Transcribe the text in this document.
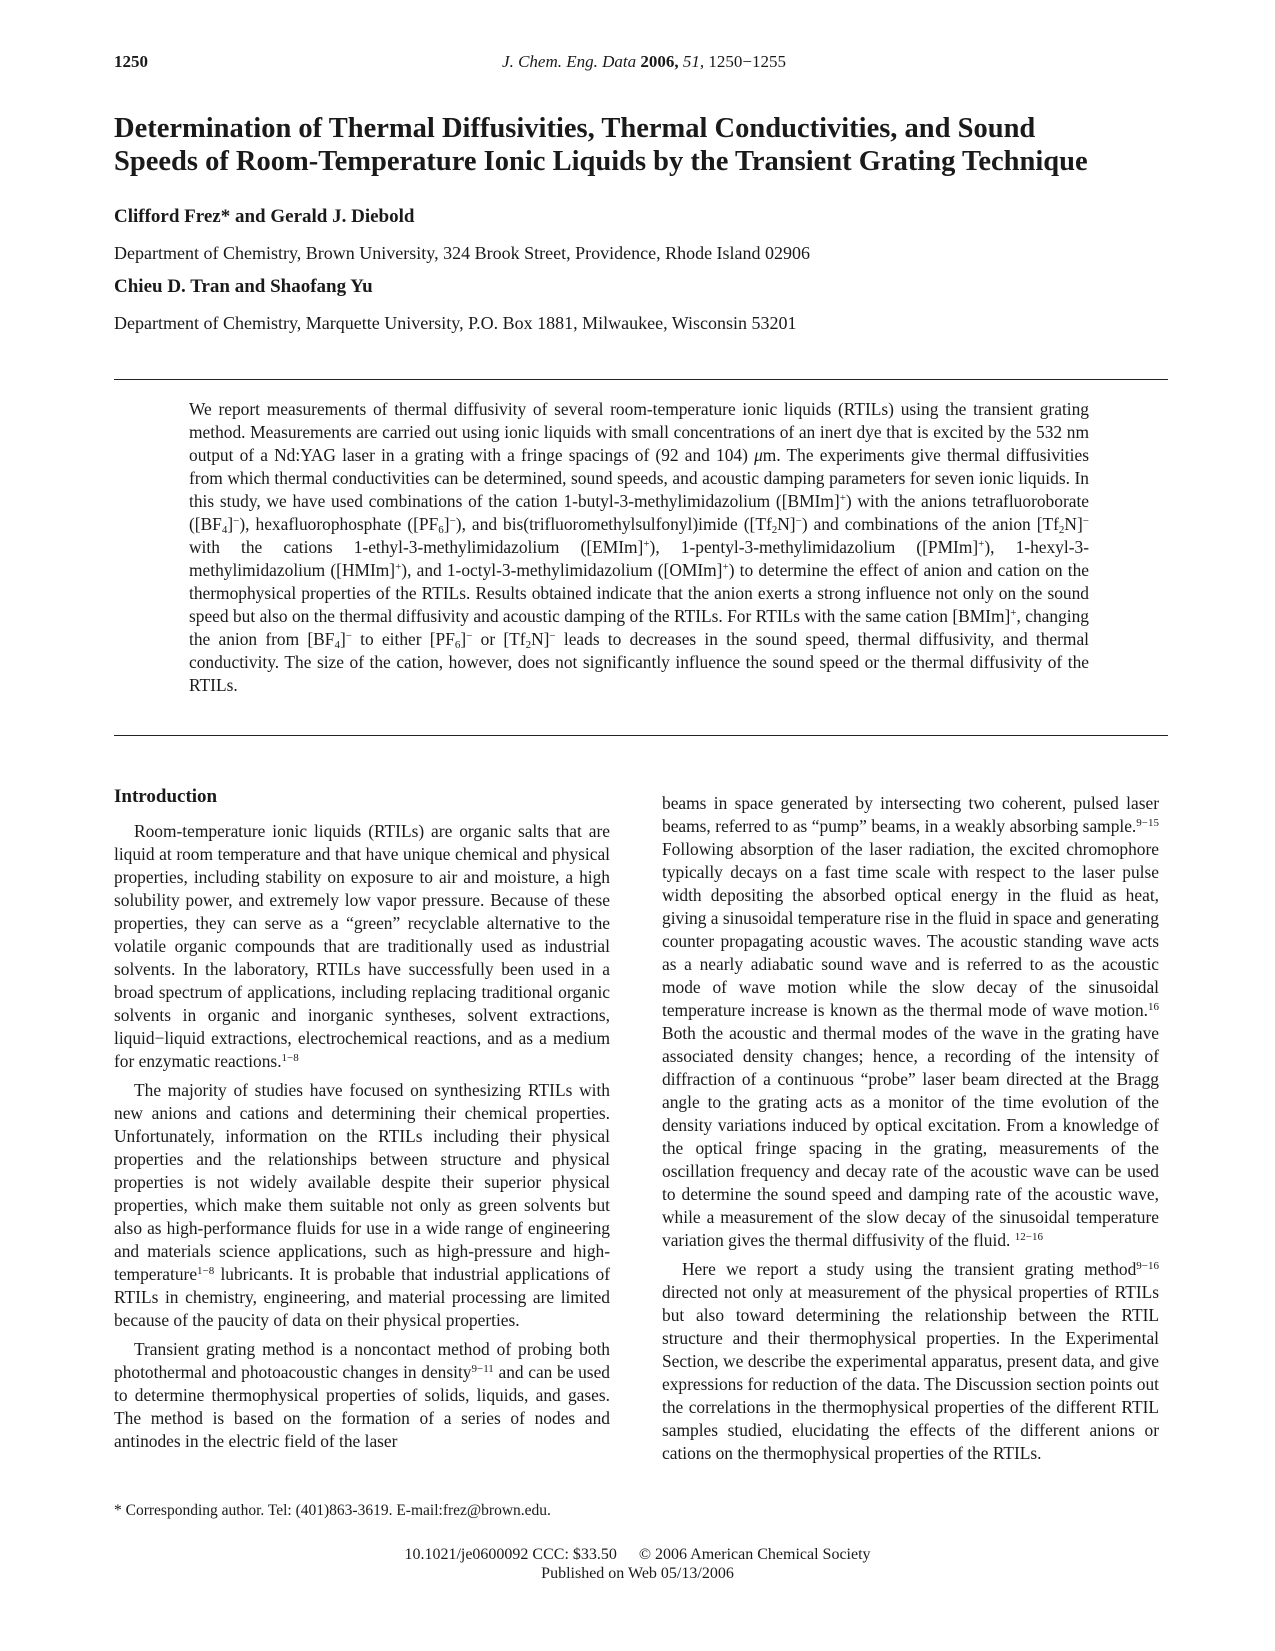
1250	J. Chem. Eng. Data 2006, 51, 1250−1255
Determination of Thermal Diffusivities, Thermal Conductivities, and Sound
Speeds of Room-Temperature Ionic Liquids by the Transient Grating Technique
Clifford Frez* and Gerald J. Diebold
Department of Chemistry, Brown University, 324 Brook Street, Providence, Rhode Island 02906
Chieu D. Tran and Shaofang Yu
Department of Chemistry, Marquette University, P.O. Box 1881, Milwaukee, Wisconsin 53201
We report measurements of thermal diffusivity of several room-temperature ionic liquids (RTILs) using the transient grating method. Measurements are carried out using ionic liquids with small concentrations of an inert dye that is excited by the 532 nm output of a Nd:YAG laser in a grating with a fringe spacings of (92 and 104) μm. The experiments give thermal diffusivities from which thermal conductivities can be determined, sound speeds, and acoustic damping parameters for seven ionic liquids. In this study, we have used combinations of the cation 1-butyl-3-methylimidazolium ([BMIm]+) with the anions tetrafluoroborate $([BF_4]^-)$, hexafluorophosphate $([PF_6]^-)$, and bis(trifluoromethylsulfonyl)imide $([Tf_2N]^-)$ and combinations of the anion $[Tf_2N]^-$ with the cations 1-ethyl-3-methylimidazolium ([EMIm]+), 1-pentyl-3-methylimidazolium ([PMIm]+), 1-hexyl-3-methylimidazolium ([HMIm]+), and 1-octyl-3-methylimidazolium ([OMIm]+) to determine the effect of anion and cation on the thermophysical properties of the RTILs. Results obtained indicate that the anion exerts a strong influence not only on the sound speed but also on the thermal diffusivity and acoustic damping of the RTILs. For RTILs with the same cation [BMIm]+, changing the anion from $[BF_4]^-$ to either $[PF_6]^-$ or $[Tf_2N]^-$ leads to decreases in the sound speed, thermal diffusivity, and thermal conductivity. The size of the cation, however, does not significantly influence the sound speed or the thermal diffusivity of the RTILs.
Introduction

Room-temperature ionic liquids (RTILs) are organic salts that are liquid at room temperature and that have unique chemical and physical properties, including stability on exposure to air and moisture, a high solubility power, and extremely low vapor pressure. Because of these properties, they can serve as a “green” recyclable alternative to the volatile organic compounds that are traditionally used as industrial solvents. In the laboratory, RTILs have successfully been used in a broad spectrum of applications, including replacing traditional organic solvents in organic and inorganic syntheses, solvent extractions, liquid−liquid extractions, electrochemical reactions, and as a medium for enzymatic reactions.$^{1-8}$

The majority of studies have focused on synthesizing RTILs with new anions and cations and determining their chemical properties. Unfortunately, information on the RTILs including their physical properties and the relationships between structure and physical properties is not widely available despite their superior physical properties, which make them suitable not only as green solvents but also as high-performance fluids for use in a wide range of engineering and materials science applications, such as high-pressure and high-temperature$^{1-8}$ lubricants. It is probable that industrial applications of RTILs in chemistry, engineering, and material processing are limited because of the paucity of data on their physical properties.

Transient grating method is a noncontact method of probing both photothermal and photoacoustic changes in density$^{9-11}$ and can be used to determine thermophysical properties of solids, liquids, and gases. The method is based on the formation of a series of nodes and antinodes in the electric field of the laser

beams in space generated by intersecting two coherent, pulsed laser beams, referred to as “pump” beams, in a weakly absorbing sample.$^{9-15}$ Following absorption of the laser radiation, the excited chromophore typically decays on a fast time scale with respect to the laser pulse width depositing the absorbed optical energy in the fluid as heat, giving a sinusoidal temperature rise in the fluid in space and generating counter propagating acoustic waves. The acoustic standing wave acts as a nearly adiabatic sound wave and is referred to as the acoustic mode of wave motion while the slow decay of the sinusoidal temperature increase is known as the thermal mode of wave motion.$^{16}$ Both the acoustic and thermal modes of the wave in the grating have associated density changes; hence, a recording of the intensity of diffraction of a continuous “probe” laser beam directed at the Bragg angle to the grating acts as a monitor of the time evolution of the density variations induced by optical excitation. From a knowledge of the optical fringe spacing in the grating, measurements of the oscillation frequency and decay rate of the acoustic wave can be used to determine the sound speed and damping rate of the acoustic wave, while a measurement of the slow decay of the sinusoidal temperature variation gives the thermal diffusivity of the fluid. $^{12-16}$

Here we report a study using the transient grating method$^{9-16}$ directed not only at measurement of the physical properties of RTILs but also toward determining the relationship between the RTIL structure and their thermophysical properties. In the Experimental Section, we describe the experimental apparatus, present data, and give expressions for reduction of the data. The Discussion section points out the correlations in the thermophysical properties of the different RTIL samples studied, elucidating the effects of the different anions or cations on the thermophysical properties of the RTILs.

* Corresponding author. Tel: (401)863-3619. E-mail:frez@brown.edu.
10.1021/je0600092 CCC: $33.50 © 2006 American Chemical Society
Published on Web 05/13/2006
